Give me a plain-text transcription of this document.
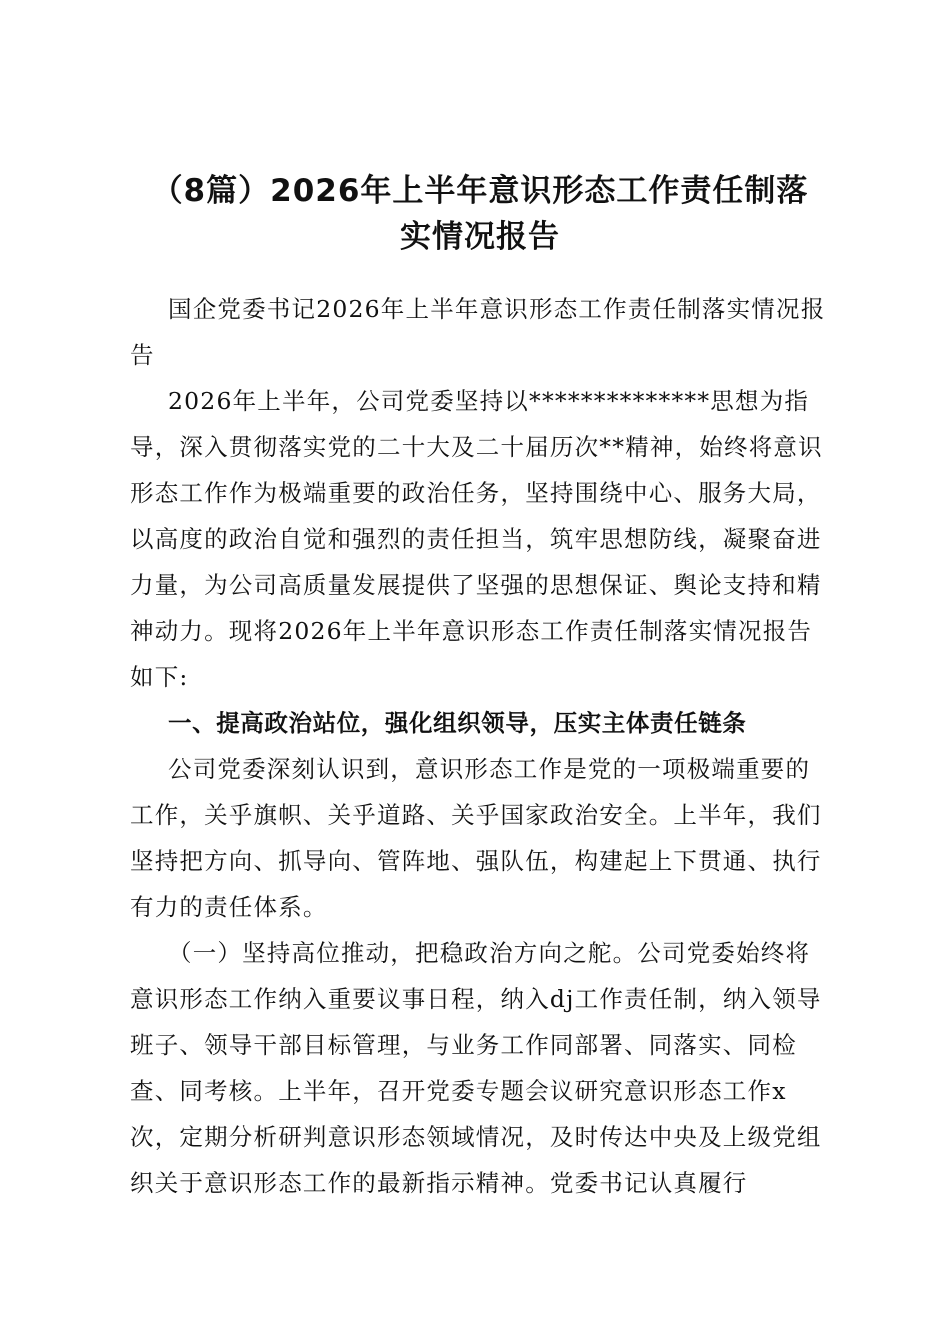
（8篇）2026年上半年意识形态工作责任制落
实情况报告

国企党委书记2026年上半年意识形态工作责任制落实情况报告

2026年上半年，公司党委坚持以**************思想为指导，深入贯彻落实党的二十大及二十届历次**精神，始终将意识形态工作作为极端重要的政治任务，坚持围绕中心、服务大局，以高度的政治自觉和强烈的责任担当，筑牢思想防线，凝聚奋进力量，为公司高质量发展提供了坚强的思想保证、舆论支持和精神动力。现将2026年上半年意识形态工作责任制落实情况报告如下:

一、提高政治站位，强化组织领导，压实主体责任链条

公司党委深刻认识到，意识形态工作是党的一项极端重要的工作，关乎旗帜、关乎道路、关乎国家政治安全。上半年，我们坚持把方向、抓导向、管阵地、强队伍，构建起上下贯通、执行有力的责任体系。

（一）坚持高位推动，把稳政治方向之舵。公司党委始终将意识形态工作纳入重要议事日程，纳入dj工作责任制，纳入领导班子、领导干部目标管理，与业务工作同部署、同落实、同检查、同考核。上半年，召开党委专题会议研究意识形态工作x次，定期分析研判意识形态领域情况，及时传达中央及上级党组织关于意识形态工作的最新指示精神。党委书记认真履行
